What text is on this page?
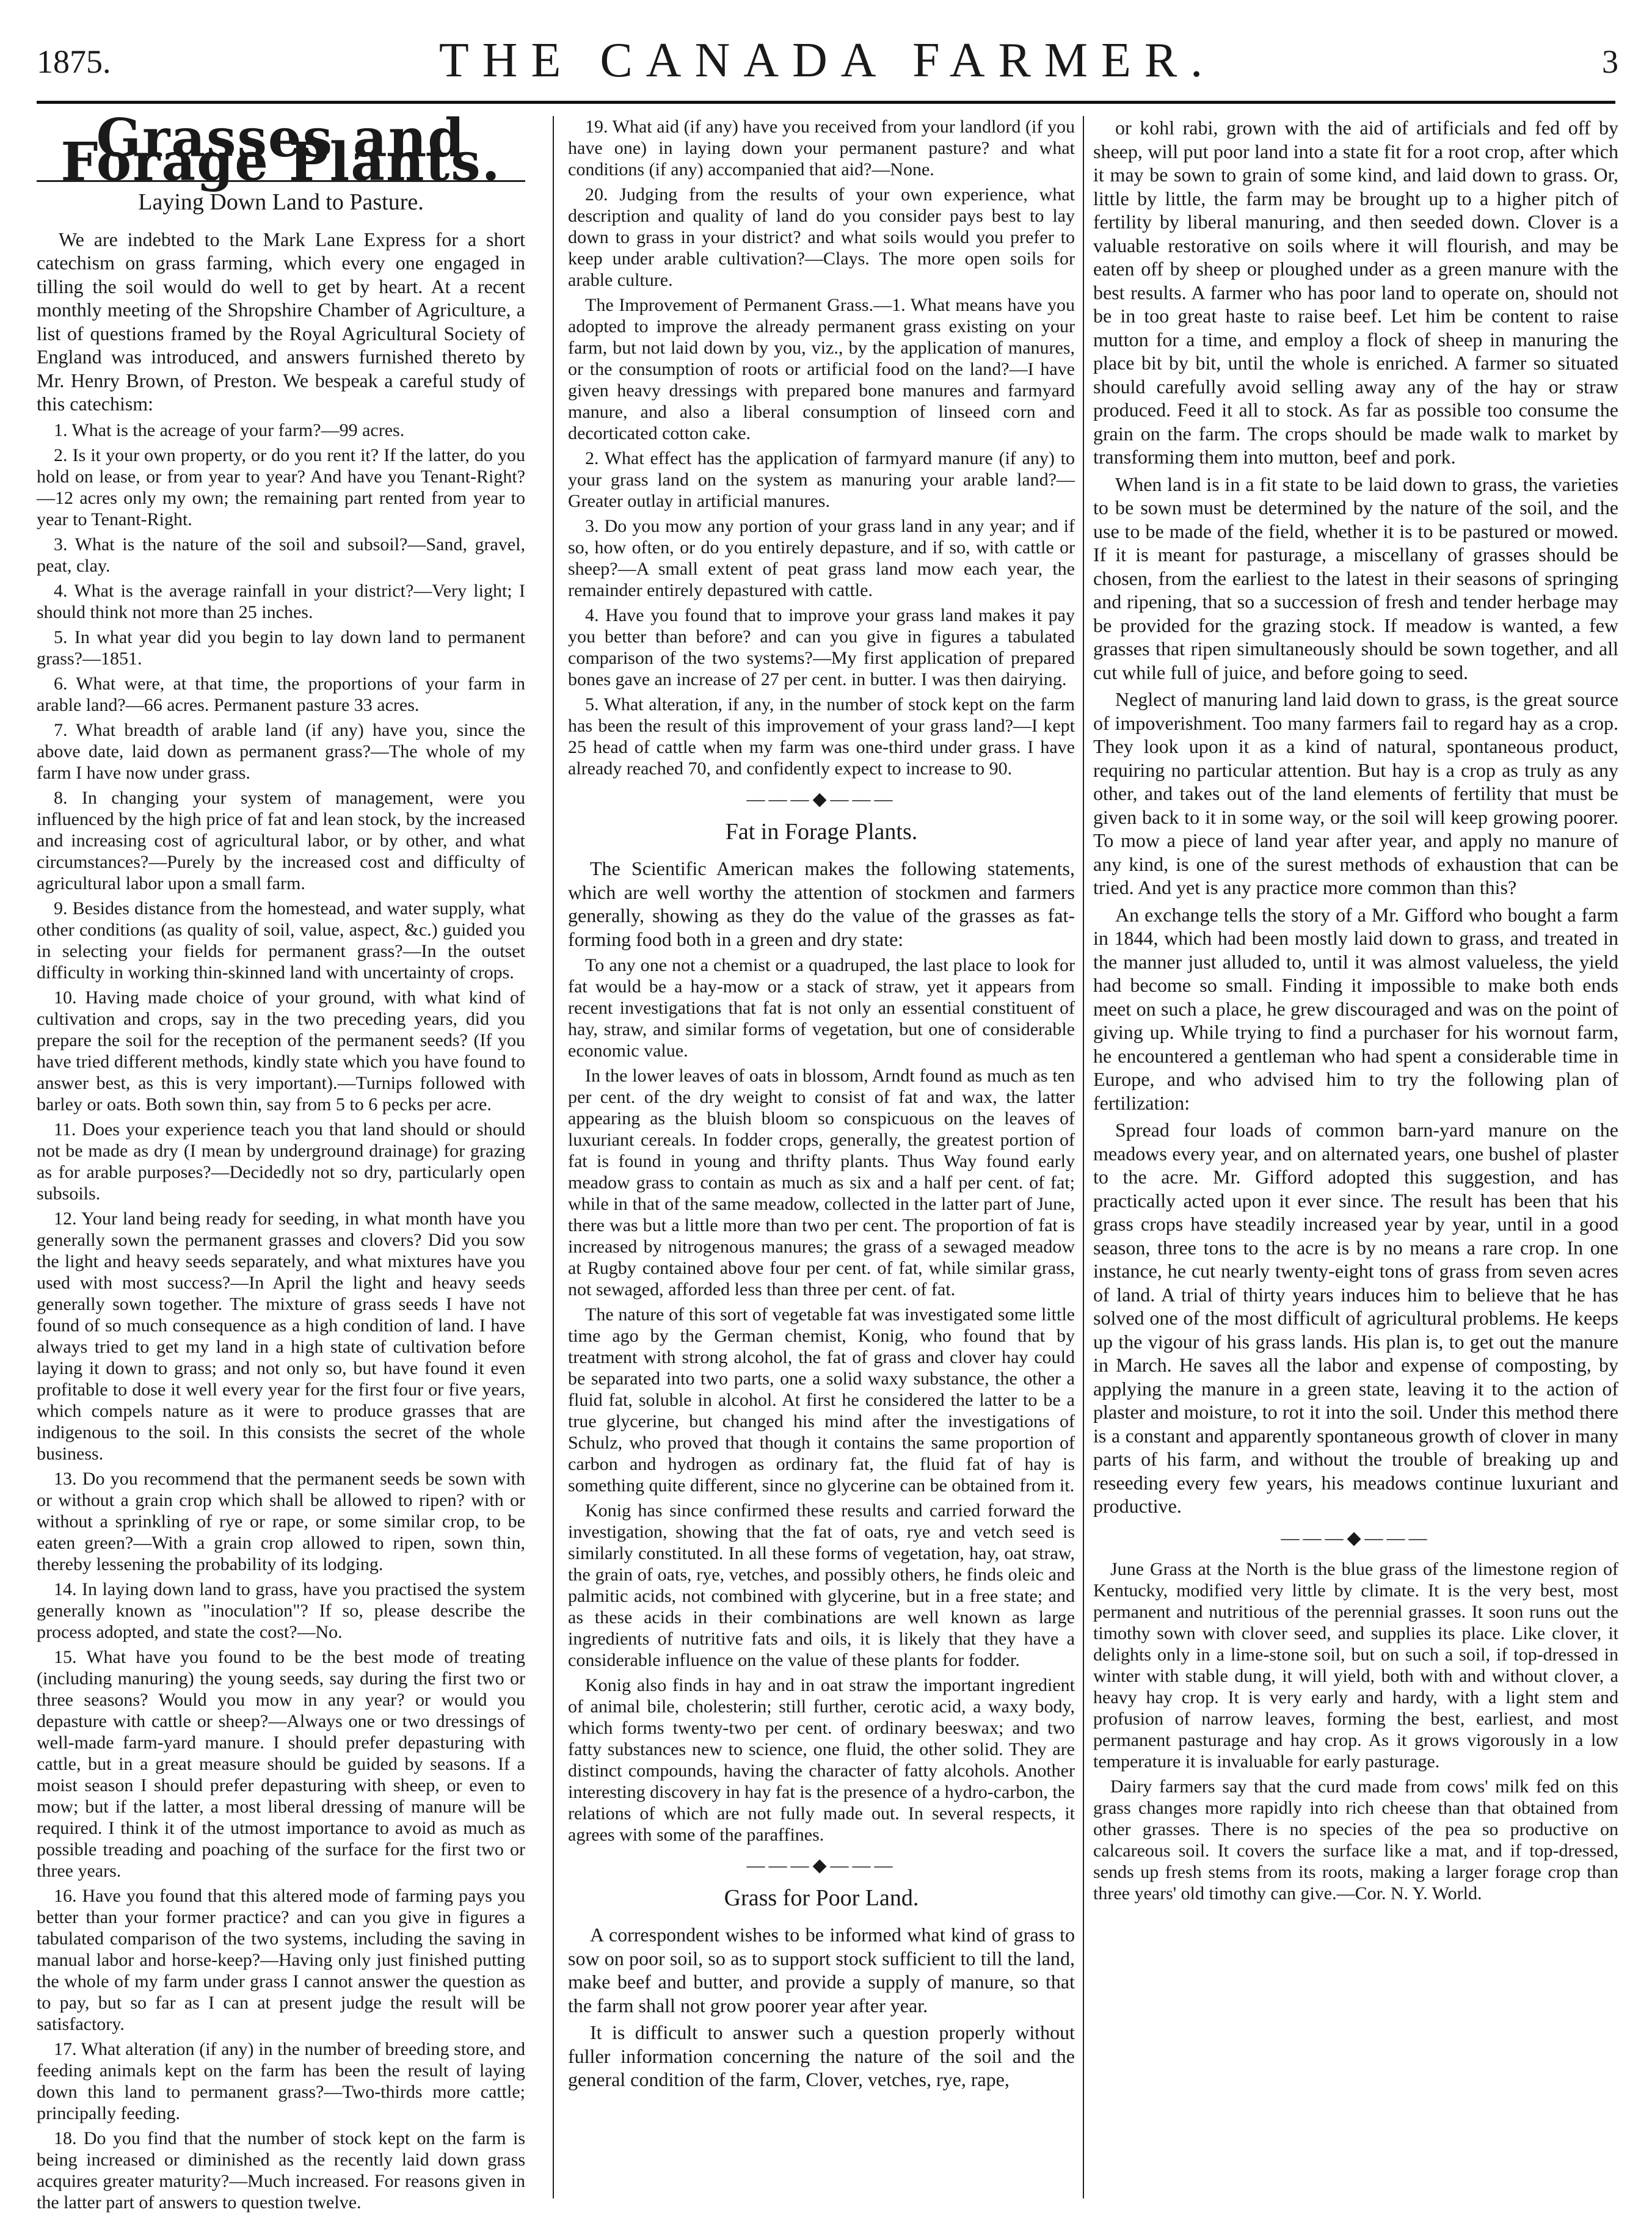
1875.	THE CANADA FARMER.	3
Grasses and Forage Plants.
Laying Down Land to Pasture.

We are indebted to the Mark Lane Express for a short catechism on grass farming, which every one engaged in tilling the soil would do well to get by heart. At a recent monthly meeting of the Shropshire Chamber of Agriculture, a list of questions framed by the Royal Agricultural Society of England was introduced, and answers furnished thereto by Mr. Henry Brown, of Preston. We bespeak a careful study of this catechism:

1. What is the acreage of your farm?—99 acres.

2. Is it your own property, or do you rent it? If the latter, do you hold on lease, or from year to year? And have you Tenant-Right?—12 acres only my own; the remaining part rented from year to year to Tenant-Right.

3. What is the nature of the soil and subsoil?—Sand, gravel, peat, clay.

4. What is the average rainfall in your district?—Very light; I should think not more than 25 inches.

5. In what year did you begin to lay down land to permanent grass?—1851.

6. What were, at that time, the proportions of your farm in arable land?—66 acres. Permanent pasture 33 acres.

7. What breadth of arable land (if any) have you, since the above date, laid down as permanent grass?—The whole of my farm I have now under grass.

8. In changing your system of management, were you influenced by the high price of fat and lean stock, by the increased and increasing cost of agricultural labor, or by other, and what circumstances?—Purely by the increased cost and difficulty of agricultural labor upon a small farm.

9. Besides distance from the homestead, and water supply, what other conditions (as quality of soil, value, aspect, &c.) guided you in selecting your fields for permanent grass?—In the outset difficulty in working thin-skinned land with uncertainty of crops.

10. Having made choice of your ground, with what kind of cultivation and crops, say in the two preceding years, did you prepare the soil for the reception of the permanent seeds? (If you have tried different methods, kindly state which you have found to answer best, as this is very important).—Turnips followed with barley or oats. Both sown thin, say from 5 to 6 pecks per acre.

11. Does your experience teach you that land should or should not be made as dry (I mean by underground drainage) for grazing as for arable purposes?—Decidedly not so dry, particularly open subsoils.

12. Your land being ready for seeding, in what month have you generally sown the permanent grasses and clovers? Did you sow the light and heavy seeds separately, and what mixtures have you used with most success?—In April the light and heavy seeds generally sown together. The mixture of grass seeds I have not found of so much consequence as a high condition of land. I have always tried to get my land in a high state of cultivation before laying it down to grass; and not only so, but have found it even profitable to dose it well every year for the first four or five years, which compels nature as it were to produce grasses that are indigenous to the soil. In this consists the secret of the whole business.

13. Do you recommend that the permanent seeds be sown with or without a grain crop which shall be allowed to ripen? with or without a sprinkling of rye or rape, or some similar crop, to be eaten green?—With a grain crop allowed to ripen, sown thin, thereby lessening the probability of its lodging.

14. In laying down land to grass, have you practised the system generally known as "inoculation"? If so, please describe the process adopted, and state the cost?—No.

15. What have you found to be the best mode of treating (including manuring) the young seeds, say during the first two or three seasons? Would you mow in any year? or would you depasture with cattle or sheep?—Always one or two dressings of well-made farm-yard manure. I should prefer depasturing with cattle, but in a great measure should be guided by seasons. If a moist season I should prefer depasturing with sheep, or even to mow; but if the latter, a most liberal dressing of manure will be required. I think it of the utmost importance to avoid as much as possible treading and poaching of the surface for the first two or three years.

16. Have you found that this altered mode of farming pays you better than your former practice? and can you give in figures a tabulated comparison of the two systems, including the saving in manual labor and horse-keep?—Having only just finished putting the whole of my farm under grass I cannot answer the question as to pay, but so far as I can at present judge the result will be satisfactory.

17. What alteration (if any) in the number of breeding store, and feeding animals kept on the farm has been the result of laying down this land to permanent grass?—Two-thirds more cattle; principally feeding.

18. Do you find that the number of stock kept on the farm is being increased or diminished as the recently laid down grass acquires greater maturity?—Much increased. For reasons given in the latter part of answers to question twelve.

19. What aid (if any) have you received from your landlord (if you have one) in laying down your permanent pasture? and what conditions (if any) accompanied that aid?—None.

20. Judging from the results of your own experience, what description and quality of land do you consider pays best to lay down to grass in your district? and what soils would you prefer to keep under arable cultivation?—Clays. The more open soils for arable culture.

The Improvement of Permanent Grass.—1. What means have you adopted to improve the already permanent grass existing on your farm, but not laid down by you, viz., by the application of manures, or the consumption of roots or artificial food on the land?—I have given heavy dressings with prepared bone manures and farmyard manure, and also a liberal consumption of linseed corn and decorticated cotton cake.

2. What effect has the application of farmyard manure (if any) to your grass land on the system as manuring your arable land?—Greater outlay in artificial manures.

3. Do you mow any portion of your grass land in any year; and if so, how often, or do you entirely depasture, and if so, with cattle or sheep?—A small extent of peat grass land mow each year, the remainder entirely depastured with cattle.

4. Have you found that to improve your grass land makes it pay you better than before? and can you give in figures a tabulated comparison of the two systems?—My first application of prepared bones gave an increase of 27 per cent. in butter. I was then dairying.

5. What alteration, if any, in the number of stock kept on the farm has been the result of this improvement of your grass land?—I kept 25 head of cattle when my farm was one-third under grass. I have already reached 70, and confidently expect to increase to 90.

———◆———
Fat in Forage Plants.

The Scientific American makes the following statements, which are well worthy the attention of stockmen and farmers generally, showing as they do the value of the grasses as fat-forming food both in a green and dry state:

To any one not a chemist or a quadruped, the last place to look for fat would be a hay-mow or a stack of straw, yet it appears from recent investigations that fat is not only an essential constituent of hay, straw, and similar forms of vegetation, but one of considerable economic value.

In the lower leaves of oats in blossom, Arndt found as much as ten per cent. of the dry weight to consist of fat and wax, the latter appearing as the bluish bloom so conspicuous on the leaves of luxuriant cereals. In fodder crops, generally, the greatest portion of fat is found in young and thrifty plants. Thus Way found early meadow grass to contain as much as six and a half per cent. of fat; while in that of the same meadow, collected in the latter part of June, there was but a little more than two per cent. The proportion of fat is increased by nitrogenous manures; the grass of a sewaged meadow at Rugby contained above four per cent. of fat, while similar grass, not sewaged, afforded less than three per cent. of fat.

The nature of this sort of vegetable fat was investigated some little time ago by the German chemist, Konig, who found that by treatment with strong alcohol, the fat of grass and clover hay could be separated into two parts, one a solid waxy substance, the other a fluid fat, soluble in alcohol. At first he considered the latter to be a true glycerine, but changed his mind after the investigations of Schulz, who proved that though it contains the same proportion of carbon and hydrogen as ordinary fat, the fluid fat of hay is something quite different, since no glycerine can be obtained from it.

Konig has since confirmed these results and carried forward the investigation, showing that the fat of oats, rye and vetch seed is similarly constituted. In all these forms of vegetation, hay, oat straw, the grain of oats, rye, vetches, and possibly others, he finds oleic and palmitic acids, not combined with glycerine, but in a free state; and as these acids in their combinations are well known as large ingredients of nutritive fats and oils, it is likely that they have a considerable influence on the value of these plants for fodder.

Konig also finds in hay and in oat straw the important ingredient of animal bile, cholesterin; still further, cerotic acid, a waxy body, which forms twenty-two per cent. of ordinary beeswax; and two fatty substances new to science, one fluid, the other solid. They are distinct compounds, having the character of fatty alcohols. Another interesting discovery in hay fat is the presence of a hydro-carbon, the relations of which are not fully made out. In several respects, it agrees with some of the paraffines.

———◆———
Grass for Poor Land.

A correspondent wishes to be informed what kind of grass to sow on poor soil, so as to support stock sufficient to till the land, make beef and butter, and provide a supply of manure, so that the farm shall not grow poorer year after year.

It is difficult to answer such a question properly without fuller information concerning the nature of the soil and the general condition of the farm, Clover, vetches, rye, rape,

or kohl rabi, grown with the aid of artificials and fed off by sheep, will put poor land into a state fit for a root crop, after which it may be sown to grain of some kind, and laid down to grass. Or, little by little, the farm may be brought up to a higher pitch of fertility by liberal manuring, and then seeded down. Clover is a valuable restorative on soils where it will flourish, and may be eaten off by sheep or ploughed under as a green manure with the best results. A farmer who has poor land to operate on, should not be in too great haste to raise beef. Let him be content to raise mutton for a time, and employ a flock of sheep in manuring the place bit by bit, until the whole is enriched. A farmer so situated should carefully avoid selling away any of the hay or straw produced. Feed it all to stock. As far as possible too consume the grain on the farm. The crops should be made walk to market by transforming them into mutton, beef and pork.

When land is in a fit state to be laid down to grass, the varieties to be sown must be determined by the nature of the soil, and the use to be made of the field, whether it is to be pastured or mowed. If it is meant for pasturage, a miscellany of grasses should be chosen, from the earliest to the latest in their seasons of springing and ripening, that so a succession of fresh and tender herbage may be provided for the grazing stock. If meadow is wanted, a few grasses that ripen simultaneously should be sown together, and all cut while full of juice, and before going to seed.

Neglect of manuring land laid down to grass, is the great source of impoverishment. Too many farmers fail to regard hay as a crop. They look upon it as a kind of natural, spontaneous product, requiring no particular attention. But hay is a crop as truly as any other, and takes out of the land elements of fertility that must be given back to it in some way, or the soil will keep growing poorer. To mow a piece of land year after year, and apply no manure of any kind, is one of the surest methods of exhaustion that can be tried. And yet is any practice more common than this?

An exchange tells the story of a Mr. Gifford who bought a farm in 1844, which had been mostly laid down to grass, and treated in the manner just alluded to, until it was almost valueless, the yield had become so small. Finding it impossible to make both ends meet on such a place, he grew discouraged and was on the point of giving up. While trying to find a purchaser for his wornout farm, he encountered a gentleman who had spent a considerable time in Europe, and who advised him to try the following plan of fertilization:

Spread four loads of common barn-yard manure on the meadows every year, and on alternated years, one bushel of plaster to the acre. Mr. Gifford adopted this suggestion, and has practically acted upon it ever since. The result has been that his grass crops have steadily increased year by year, until in a good season, three tons to the acre is by no means a rare crop. In one instance, he cut nearly twenty-eight tons of grass from seven acres of land. A trial of thirty years induces him to believe that he has solved one of the most difficult of agricultural problems. He keeps up the vigour of his grass lands. His plan is, to get out the manure in March. He saves all the labor and expense of composting, by applying the manure in a green state, leaving it to the action of plaster and moisture, to rot it into the soil. Under this method there is a constant and apparently spontaneous growth of clover in many parts of his farm, and without the trouble of breaking up and reseeding every few years, his meadows continue luxuriant and productive.

———◆———

June Grass at the North is the blue grass of the limestone region of Kentucky, modified very little by climate. It is the very best, most permanent and nutritious of the perennial grasses. It soon runs out the timothy sown with clover seed, and supplies its place. Like clover, it delights only in a lime-stone soil, but on such a soil, if top-dressed in winter with stable dung, it will yield, both with and without clover, a heavy hay crop. It is very early and hardy, with a light stem and profusion of narrow leaves, forming the best, earliest, and most permanent pasturage and hay crop. As it grows vigorously in a low temperature it is invaluable for early pasturage.

Dairy farmers say that the curd made from cows' milk fed on this grass changes more rapidly into rich cheese than that obtained from other grasses. There is no species of the pea so productive on calcareous soil. It covers the surface like a mat, and if top-dressed, sends up fresh stems from its roots, making a larger forage crop than three years' old timothy can give.—Cor. N. Y. World.
